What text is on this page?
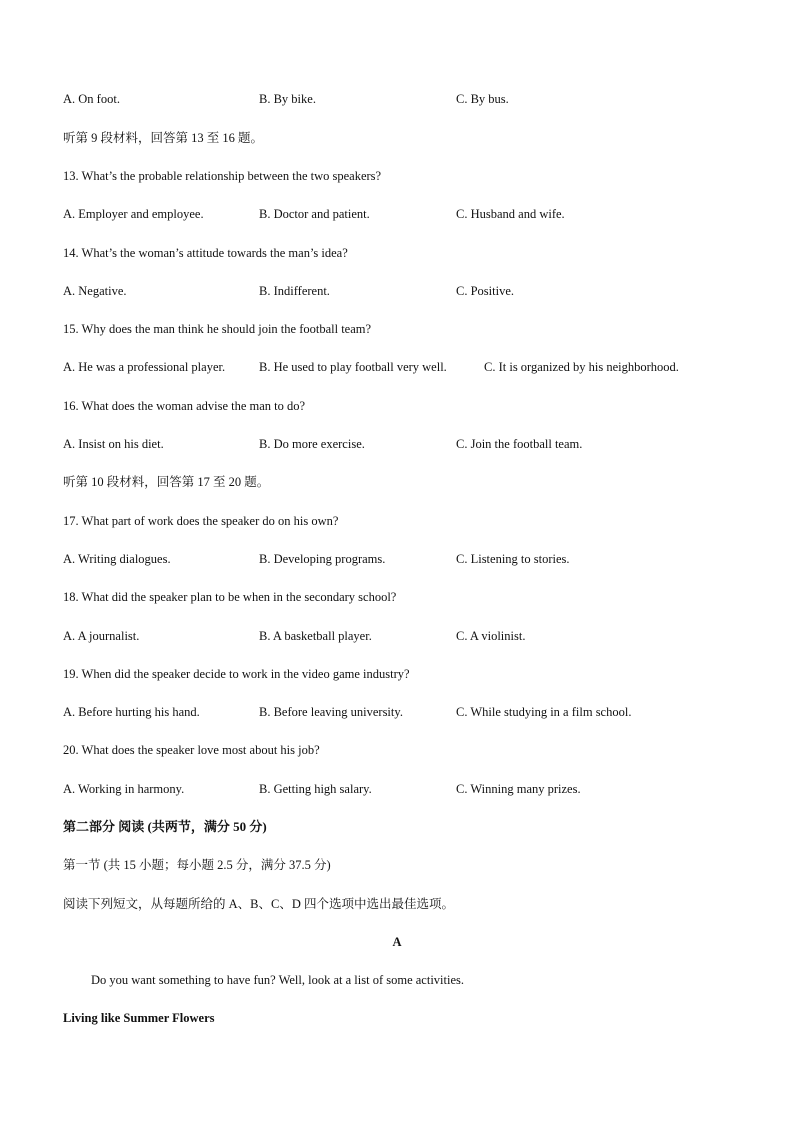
A. On foot.	B. By bike.	C. By bus.
听第 9 段材料，回答第 13 至 16 题。
13. What’s the probable relationship between the two speakers?
A. Employer and employee.	B. Doctor and patient.	C. Husband and wife.
14. What’s the woman’s attitude towards the man’s idea?
A. Negative.	B. Indifferent.	C. Positive.
15. Why does the man think he should join the football team?
A. He was a professional player.	B. He used to play football very well.	C. It is organized by his neighborhood.
16. What does the woman advise the man to do?
A. Insist on his diet.	B. Do more exercise.	C. Join the football team.
听第 10 段材料，回答第 17 至 20 题。
17. What part of work does the speaker do on his own?
A. Writing dialogues.	B. Developing programs.	C. Listening to stories.
18. What did the speaker plan to be when in the secondary school?
A. A journalist.	B. A basketball player.	C. A violinist.
19. When did the speaker decide to work in the video game industry?
A. Before hurting his hand.	B. Before leaving university.	C. While studying in a film school.
20. What does the speaker love most about his job?
A. Working in harmony.	B. Getting high salary.	C. Winning many prizes.
第二部分 阅读 (共两节，满分 50 分)
第一节 (共 15 小题；每小题 2.5 分，满分 37.5 分)
阅读下列短文，从每题所给的 A、B、C、D 四个选项中选出最佳选项。
A
Do you want something to have fun? Well, look at a list of some activities.
Living like Summer Flowers
